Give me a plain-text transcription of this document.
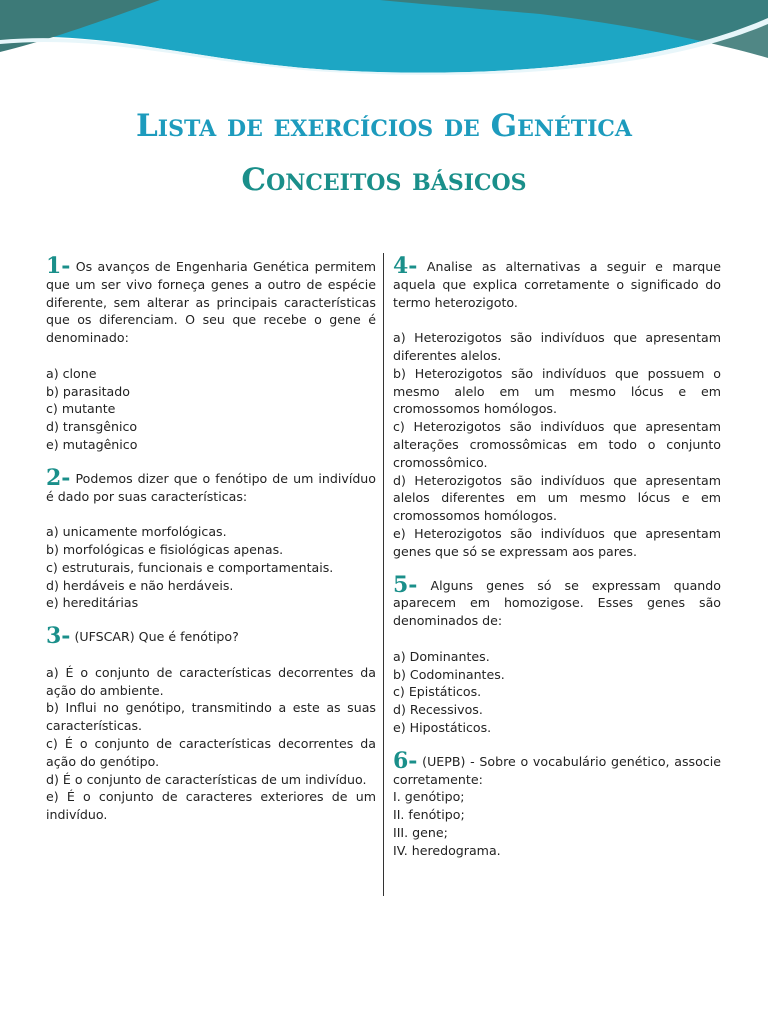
Lista de exercícios de Genética
Conceitos básicos

1- Os avanços de Engenharia Genética permitem que um ser vivo forneça genes a outro de espécie diferente, sem alterar as principais características que os diferenciam. O seu que recebe o gene é denominado:

a) clone
b) parasitado
c) mutante
d) transgênico
e) mutagênico

2- Podemos dizer que o fenótipo de um indivíduo é dado por suas características:

a) unicamente morfológicas.
b) morfológicas e fisiológicas apenas.
c) estruturais, funcionais e comportamentais.
d) herdáveis e não herdáveis.
e) hereditárias

3- (UFSCAR) Que é fenótipo?

a) É o conjunto de características decorrentes da ação do ambiente.
b) Influi no genótipo, transmitindo a este as suas características.
c) É o conjunto de características decorrentes da ação do genótipo.
d) É o conjunto de características de um indivíduo.
e) É o conjunto de caracteres exteriores de um indivíduo.

4- Analise as alternativas a seguir e marque aquela que explica corretamente o significado do termo heterozigoto.

a) Heterozigotos são indivíduos que apresentam diferentes alelos.
b) Heterozigotos são indivíduos que possuem o mesmo alelo em um mesmo lócus e em cromossomos homólogos.
c) Heterozigotos são indivíduos que apresentam alterações cromossômicas em todo o conjunto cromossômico.
d) Heterozigotos são indivíduos que apresentam alelos diferentes em um mesmo lócus e em cromossomos homólogos.
e) Heterozigotos são indivíduos que apresentam genes que só se expressam aos pares.

5- Alguns genes só se expressam quando aparecem em homozigose. Esses genes são denominados de:

a) Dominantes.
b) Codominantes.
c) Epistáticos.
d) Recessivos.
e) Hipostáticos.

6- (UEPB) - Sobre o vocabulário genético, associe corretamente:

I. genótipo;
II. fenótipo;
III. gene;
IV. heredograma.
